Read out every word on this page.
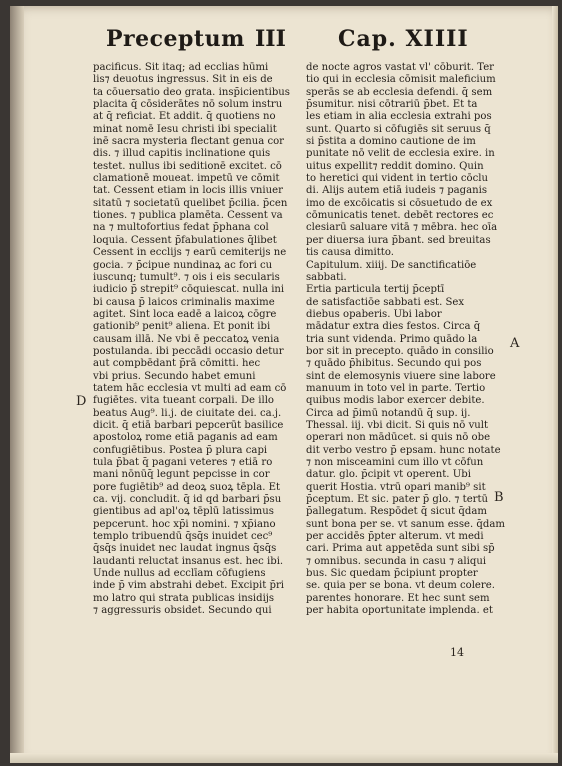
Preceptum III Cap. XIIII
pacificus. Sit itaq; ad ecclias hūmi
lis⁊ deuotus ingressus. Sit in eis de
ta cōuersatio deo grata. insp̄icientibus
placita q̄ cōsiderātes nō solum instru
at q̄ reficiat. Et addit. q̄ quotiens no
minat nomē Iesu christi ibi specialit
inē sacra mysteria flectant genua cor
dis. ⁊ illud capitis inclinatione quis
testet. nullus ibi seditionē excitet. cō
clamationē moueat. impetū ve cōmit
tat. Cessent etiam in locis illis vniuer
sitatū ⁊ societatū quelibet p̄cilia. p̄cen
tiones. ⁊ publica plamēta. Cessent va
na ⁊ multofortius fedat̄ p̄phana col
loquia. Cessent p̄fabulationes q̄libet
Cessent in eccli͡js ⁊ earū cemiterijs ne
gocia. ⁊ p̄cipue nundinaꝝ ac fori cu
iuscunq; tumult⁹. ⁊ ois i eis secularis
iudicio p̄ strepit⁹ cōquiescat. nulla ini
bi causa p̄ laicos criminalis maxime
agitet. Sint loca eadē a laicoꝝ cōgre
gationib⁹ penit⁹ aliena. Et ponit ibi
causam illā. Ne vbi ē peccatoꝝ venia
postulanda. ibi peccādi occasio detur
aut compbēdant p̄rā cōmitti. hec
vbi prius. Secundo habet emuni
tatem hāc ecclesia vt multi ad eam cō
fugiētes. vita tueant corpali. De illo
beatus Aug⁹. li.j. de ciuitate dei. ca.j.
dicit. q̄ etiā barbari pepcerūt basilice
apostoloꝝ rome etiā paganis ad eam
confugiētibus. Postea p̄ plura capi
tula p̄bat q̄ pagani veteres ⁊ etiā ro
mani nōnūq̄ legunt pepcisse in cor
pore fugiētib⁹ ad deoꝝ suoꝝ tēpla. Et
ca. vij. concludit. q̄ id qd̄ barbari p̄su
gientibus ad apl'oꝝ tēplū latissimus
pepcerunt. hoc xp̄i nomini. ⁊ xp̄iano
templo tribuendū q̄sq̄s inuidet cec⁹
q̄sq̄s inuidet nec laudat ingnus q̄sq̄s
laudanti reluctat insanus est. hec ibi.
Unde nullus ad ecclīam cōfugiens
inde p̄ vim abstrahi debet. Excipit p̄ri
mo latro qui strata publicas insidijs
⁊ aggressuris obsidet. Secundo qui
de nocte agros vastat vl' cōburit. Ter
tio qui in ecclesia cōmisit maleficium
sperās se ab ecclesia defendi. q̄ sem
p̄sumitur. nisi cōtrariū p̄bet. Et ta
les etiam in alia ecclesia extrahi pos
sunt. Quarto si cōfugiēs sit seruus q̄
si p̄stita a domino cautione de im
punitate nō velit de ecclesia exire. in
uitus expellit⁊ reddit domino. Quin
to heretici qui vident in tertio cōclu
di. Alijs autem etiā iudeis ⁊ paganis
imo de excōicatis si cōsuetudo de ex
cōmunicatis tenet. debēt rectores ec
clesiarū saluare vitā ⁊ mēbra. hec oīa
per diuersa iura p̄bant. sed breuitas
tis causa dimitto.
Capitulum. xiiij. De sanctificatiōe
sabbati.
Ertia particula tertij p̄ceptī
de satisfactiōe sabbati est. Sex
diebus opaberis. Ubi labor
mādatur extra dies festos. Circa q̄
tria sunt videnda. Primo quādo la
bor sit in precepto. quādo in consilio
⁊ quādo p̄hibitus. Secundo qui pos
sint de elemosynis viuere sine labore
manuum in toto vel in parte. Tertio
quibus modis labor exercer debite.
Circa ad p̄imū notandū q̄ sup. ij.
Thessal. iij. vbi dicit. Si quis nō vult
operari non mādūcet. si quis nō obe
dit verbo vestro p̄ epsam. hunc notate
⁊ non misceamini cum illo vt cōfun
datur. glo. p̄cipit vt operent. Ubi
querit Hostia. vtrū opari manib⁹ sit
p̄ceptum. Et sic. pater p̄ glo. ⁊ tertū
p̄allegatum. Respōdet q̄ sicut q̄dam
sunt bona per se. vt sanum esse. q̄dam
per accidēs p̄pter alterum. vt medi
cari. Prima aut appetēda sunt sibi sp̄
⁊ omnibus. secunda in casu ⁊ aliqui
bus. Sic quedam p̄cipiunt propter
se. quia per se bona. vt deum colere.
parentes honorare. Et hec sunt sem
per habita oportunitate implenda. et
D
A
B
14
